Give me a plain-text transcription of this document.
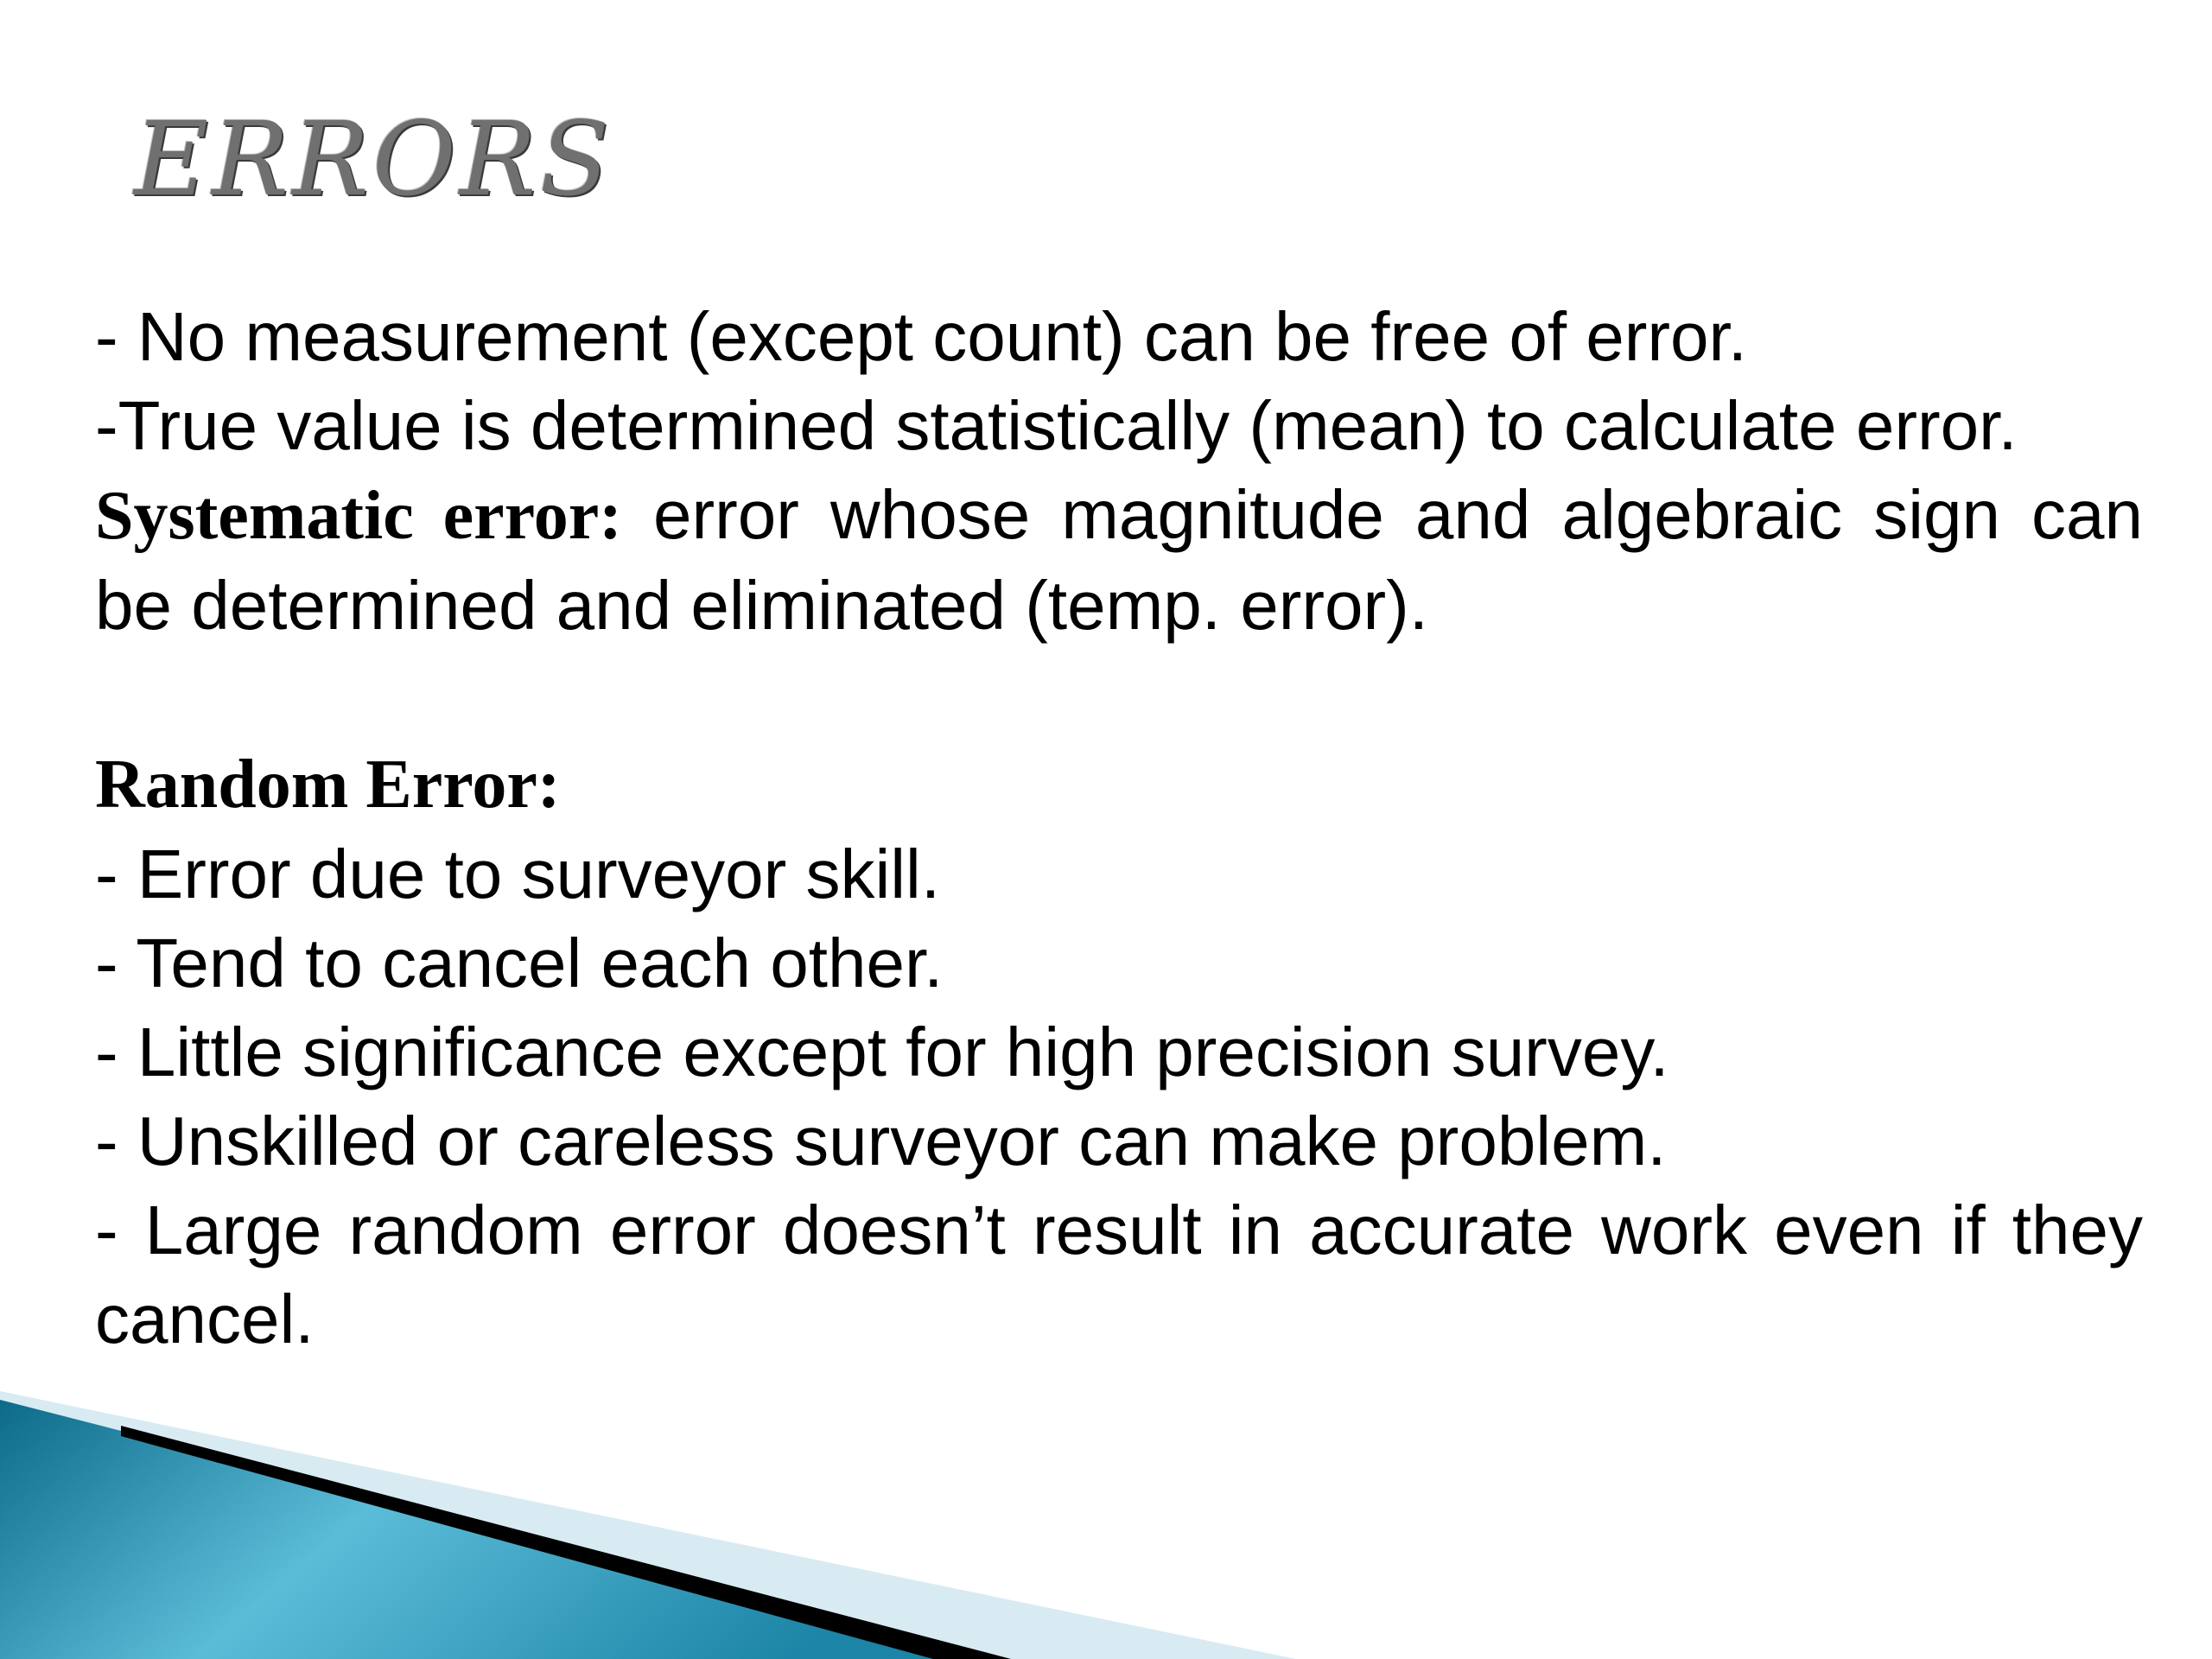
ERRORS

- No measurement (except count) can be free of error.

-True value is determined statistically (mean) to calculate error.

Systematic error: error whose magnitude and algebraic sign can be determined and eliminated (temp. error).

Random Error:

- Error due to surveyor skill.

- Tend to cancel each other.

- Little significance except for high precision survey.

- Unskilled or careless surveyor can make problem.

- Large random error doesn’t result in accurate work even if they cancel.
